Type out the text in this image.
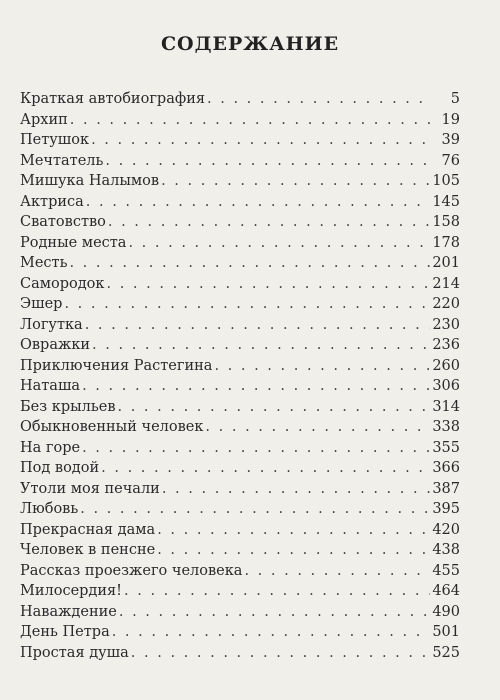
СОДЕРЖАНИЕ
Краткая автобиография . . .	5
Архип . . .	19
Петушок . . .	39
Мечтатель . . .	76
Мишука Налымов . . .	105
Актриса . . .	145
Сватовство . . .	158
Родные места . . .	178
Месть . . .	201
Самородок . . .	214
Эшер . . .	220
Логутка . . .	230
Овражки . . .	236
Приключения Растегина . . .	260
Наташа . . .	306
Без крыльев . . .	314
Обыкновенный человек . . .	338
На горе . . .	355
Под водой . . .	366
Утоли моя печали . . .	387
Любовь . . .	395
Прекрасная дама . . .	420
Человек в пенсне . . .	438
Рассказ проезжего человека . . .	455
Милосердия! . . .	464
Наваждение . . .	490
День Петра . . .	501
Простая душа . . .	525
